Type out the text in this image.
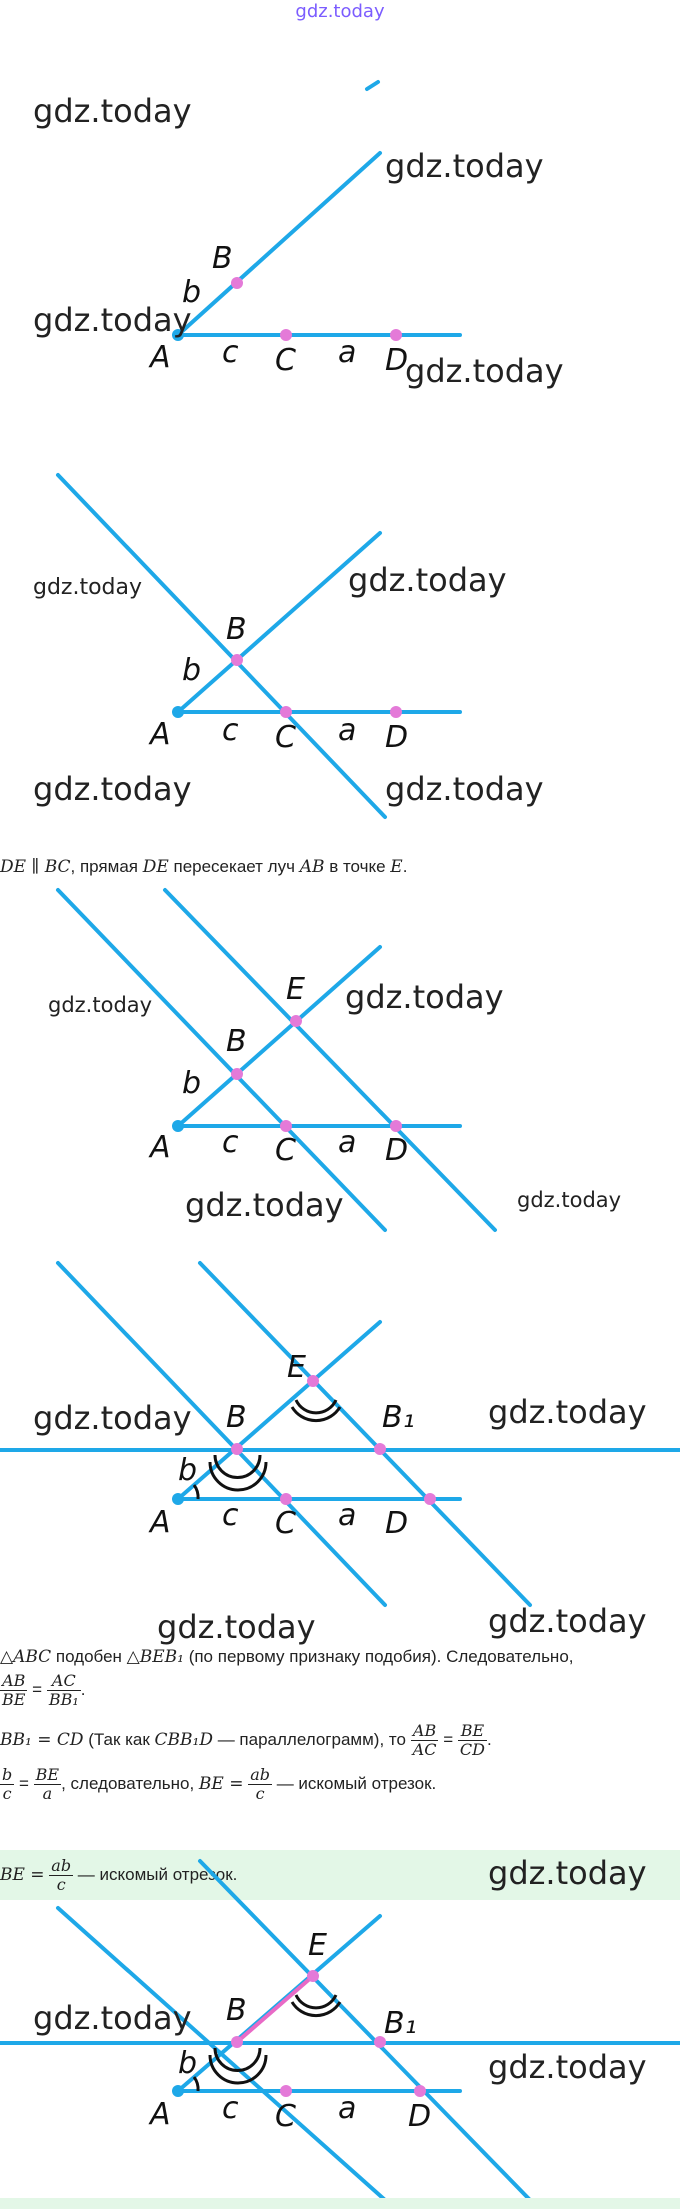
gdz.today
B
b
A c C a D
gdz.today
gdz.today
gdz.today
gdz.today
B
b
A c C a D
gdz.today
gdz.today	gdz.today
gdz.today
DE ∥ BC, прямая DE пересекает луч AB в точке E.
E
B
b
A c C a D
gdz.today
gdz.today
gdz.today
gdz.today
E
B	B₁
b
A c C a D
gdz.today	gdz.today
gdz.today	gdz.today
△ABC подобен △BEB₁ (по первому признаку подобия). Следовательно,
$\frac{AB}{BE} = \frac{AC}{\text{BB₁}}$ .
BB₁ = CD (Так как CBB₁D — параллелограмм), то $\frac{AB}{AC} = \frac{BE}{CD}$ .
$\frac{b}{c} = \frac{BE}{a}$ , следовательно, BE = $\frac{ab}{c}$ — искомый отрезок.
BE = $\frac{ab}{c}$ — искомый отрезок.	gdz.today
E
B	B₁
b
A c C a D
gdz.today
gdz.today
